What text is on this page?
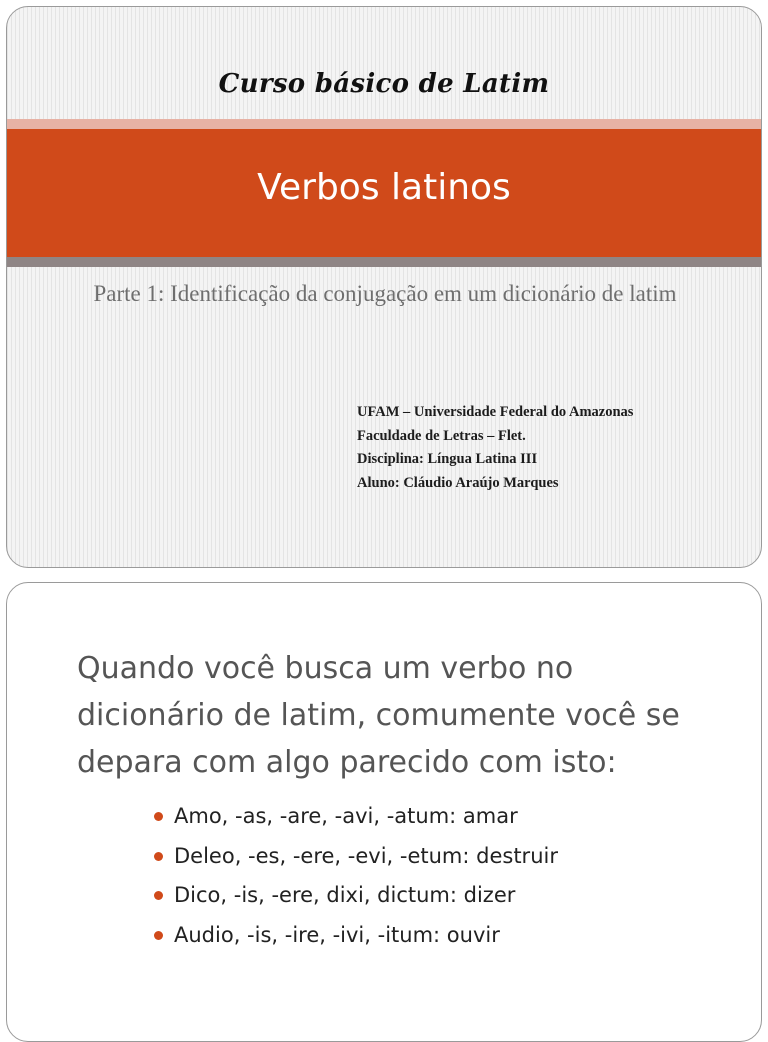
Curso básico de Latim
Verbos latinos
Parte 1: Identificação da conjugação em um dicionário de latim
UFAM – Universidade Federal do Amazonas
Faculdade de Letras – Flet.
Disciplina: Língua Latina III
Aluno: Cláudio Araújo Marques
Quando você busca um verbo no dicionário de latim, comumente você se depara com algo parecido com isto:
Amo, -as, -are, -avi, -atum: amar
Deleo, -es, -ere, -evi, -etum: destruir
Dico, -is, -ere, dixi, dictum: dizer
Audio, -is, -ire, -ivi, -itum: ouvir
